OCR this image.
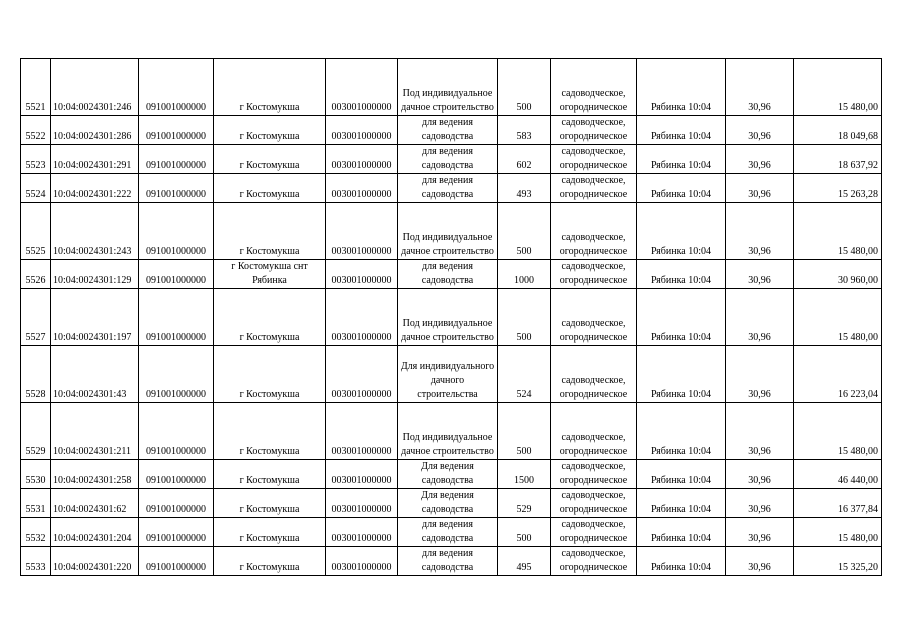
5521	10:04:0024301:246	091001000000	г Костомукша	003001000000	Под индивидуальное дачное строительство	500	садоводческое, огородническое	Рябинка 10:04	30,96	15 480,00
5522	10:04:0024301:286	091001000000	г Костомукша	003001000000	для ведения садоводства	583	садоводческое, огородническое	Рябинка 10:04	30,96	18 049,68
5523	10:04:0024301:291	091001000000	г Костомукша	003001000000	для ведения садоводства	602	садоводческое, огородническое	Рябинка 10:04	30,96	18 637,92
5524	10:04:0024301:222	091001000000	г Костомукша	003001000000	для ведения садоводства	493	садоводческое, огородническое	Рябинка 10:04	30,96	15 263,28
5525	10:04:0024301:243	091001000000	г Костомукша	003001000000	Под индивидуальное дачное строительство	500	садоводческое, огородническое	Рябинка 10:04	30,96	15 480,00
5526	10:04:0024301:129	091001000000	г Костомукша снт Рябинка	003001000000	для ведения садоводства	1000	садоводческое, огородническое	Рябинка 10:04	30,96	30 960,00
5527	10:04:0024301:197	091001000000	г Костомукша	003001000000	Под индивидуальное дачное строительство	500	садоводческое, огородническое	Рябинка 10:04	30,96	15 480,00
5528	10:04:0024301:43	091001000000	г Костомукша	003001000000	Для индивидуального дачного строительства	524	садоводческое, огородническое	Рябинка 10:04	30,96	16 223,04
5529	10:04:0024301:211	091001000000	г Костомукша	003001000000	Под индивидуальное дачное строительство	500	садоводческое, огородническое	Рябинка 10:04	30,96	15 480,00
5530	10:04:0024301:258	091001000000	г Костомукша	003001000000	Для ведения садоводства	1500	садоводческое, огородническое	Рябинка 10:04	30,96	46 440,00
5531	10:04:0024301:62	091001000000	г Костомукша	003001000000	Для ведения садоводства	529	садоводческое, огородническое	Рябинка 10:04	30,96	16 377,84
5532	10:04:0024301:204	091001000000	г Костомукша	003001000000	для ведения садоводства	500	садоводческое, огородническое	Рябинка 10:04	30,96	15 480,00
5533	10:04:0024301:220	091001000000	г Костомукша	003001000000	для ведения садоводства	495	садоводческое, огородническое	Рябинка 10:04	30,96	15 325,20
